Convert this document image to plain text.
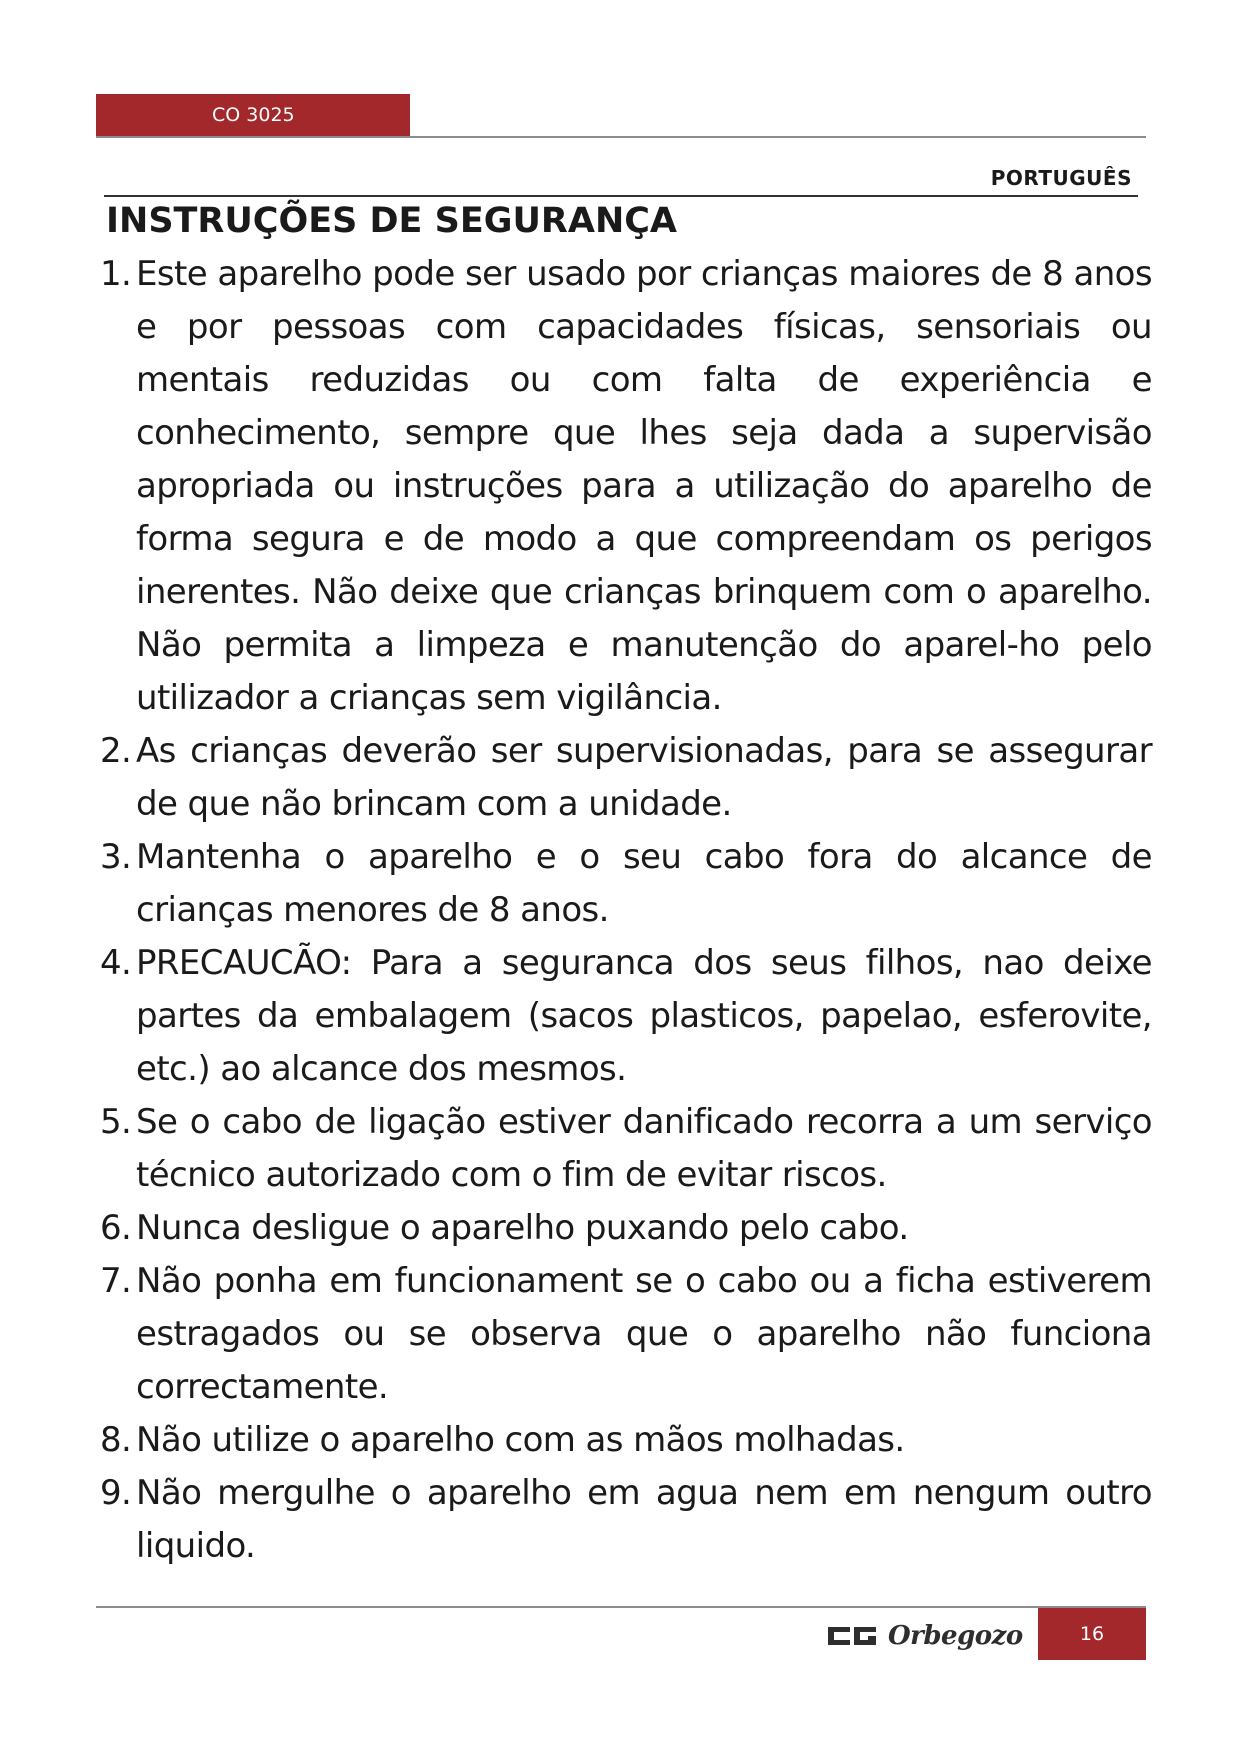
CO 3025
PORTUGUÊS
INSTRUÇÕES DE SEGURANÇA
1. Este aparelho pode ser usado por crianças maiores de 8 anos e por pessoas com capacidades físicas, sensoriais ou mentais reduzidas ou com falta de experiência e conhecimento, sempre que lhes seja dada a supervisão apropriada ou instruções para a utilização do aparelho de forma segura e de modo a que compreendam os perigos inerentes. Não deixe que crianças brinquem com o aparelho. Não permita a limpeza e manutenção do aparel-ho pelo utilizador a crianças sem vigilância.
2. As crianças deverão ser supervisionadas, para se assegurar de que não brincam com a unidade.
3. Mantenha o aparelho e o seu cabo fora do alcance de crianças menores de 8 anos.
4. PRECAUCÃO: Para a seguranca dos seus filhos, nao deixe partes da embalagem (sacos plasticos, papelao, esferovite, etc.) ao alcance dos mesmos.
5. Se o cabo de ligação estiver danificado recorra a um serviço técnico autorizado com o fim de evitar riscos.
6. Nunca desligue o aparelho puxando pelo cabo.
7. Não ponha em funcionament se o cabo ou a ficha estiverem estragados ou se observa que o aparelho não funciona correctamente.
8. Não utilize o aparelho com as mãos molhadas.
9. Não mergulhe o aparelho em agua nem em nengum outro liquido.
Orbegozo	16
